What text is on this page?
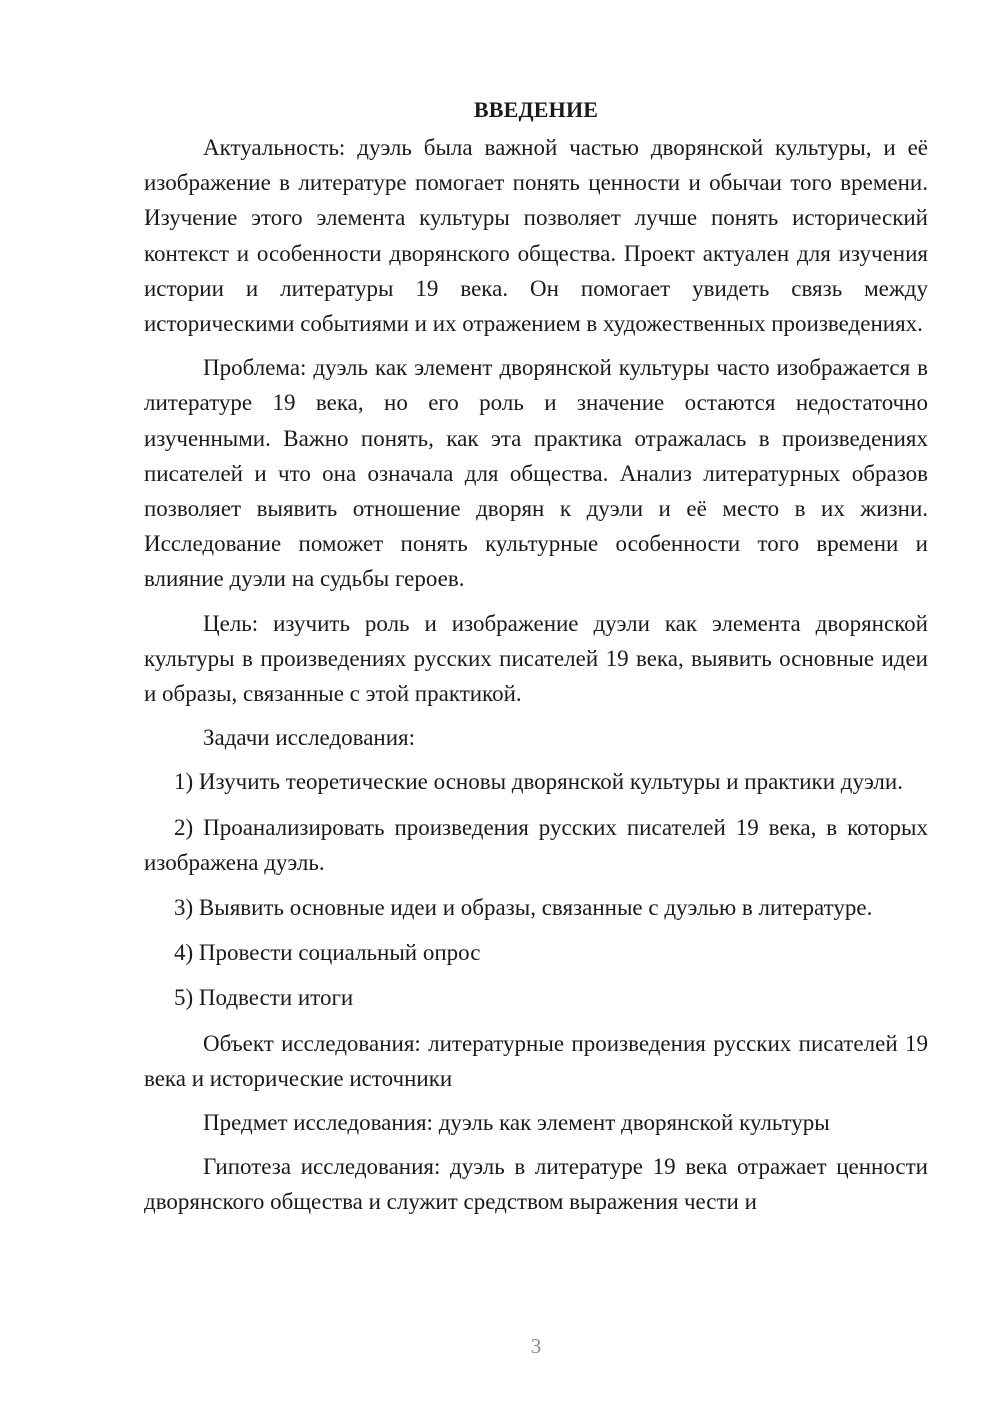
ВВЕДЕНИЕ

Актуальность: дуэль была важной частью дворянской культуры, и её изображение в литературе помогает понять ценности и обычаи того времени. Изучение этого элемента культуры позволяет лучше понять исторический контекст и особенности дворянского общества. Проект актуален для изучения истории и литературы 19 века. Он помогает увидеть связь между историческими событиями и их отражением в художественных произведениях.

Проблема: дуэль как элемент дворянской культуры часто изображается в литературе 19 века, но его роль и значение остаются недостаточно изученными. Важно понять, как эта практика отражалась в произведениях писателей и что она означала для общества. Анализ литературных образов позволяет выявить отношение дворян к дуэли и её место в их жизни. Исследование поможет понять культурные особенности того времени и влияние дуэли на судьбы героев.

Цель: изучить роль и изображение дуэли как элемента дворянской культуры в произведениях русских писателей 19 века, выявить основные идеи и образы, связанные с этой практикой.

Задачи исследования:

1) Изучить теоретические основы дворянской культуры и практики дуэли.

2) Проанализировать произведения русских писателей 19 века, в которых изображена дуэль.

3) Выявить основные идеи и образы, связанные с дуэлью в литературе.

4) Провести социальный опрос

5) Подвести итоги

Объект исследования: литературные произведения русских писателей 19 века и исторические источники

Предмет исследования: дуэль как элемент дворянской культуры

Гипотеза исследования: дуэль в литературе 19 века отражает ценности дворянского общества и служит средством выражения чести и

3
